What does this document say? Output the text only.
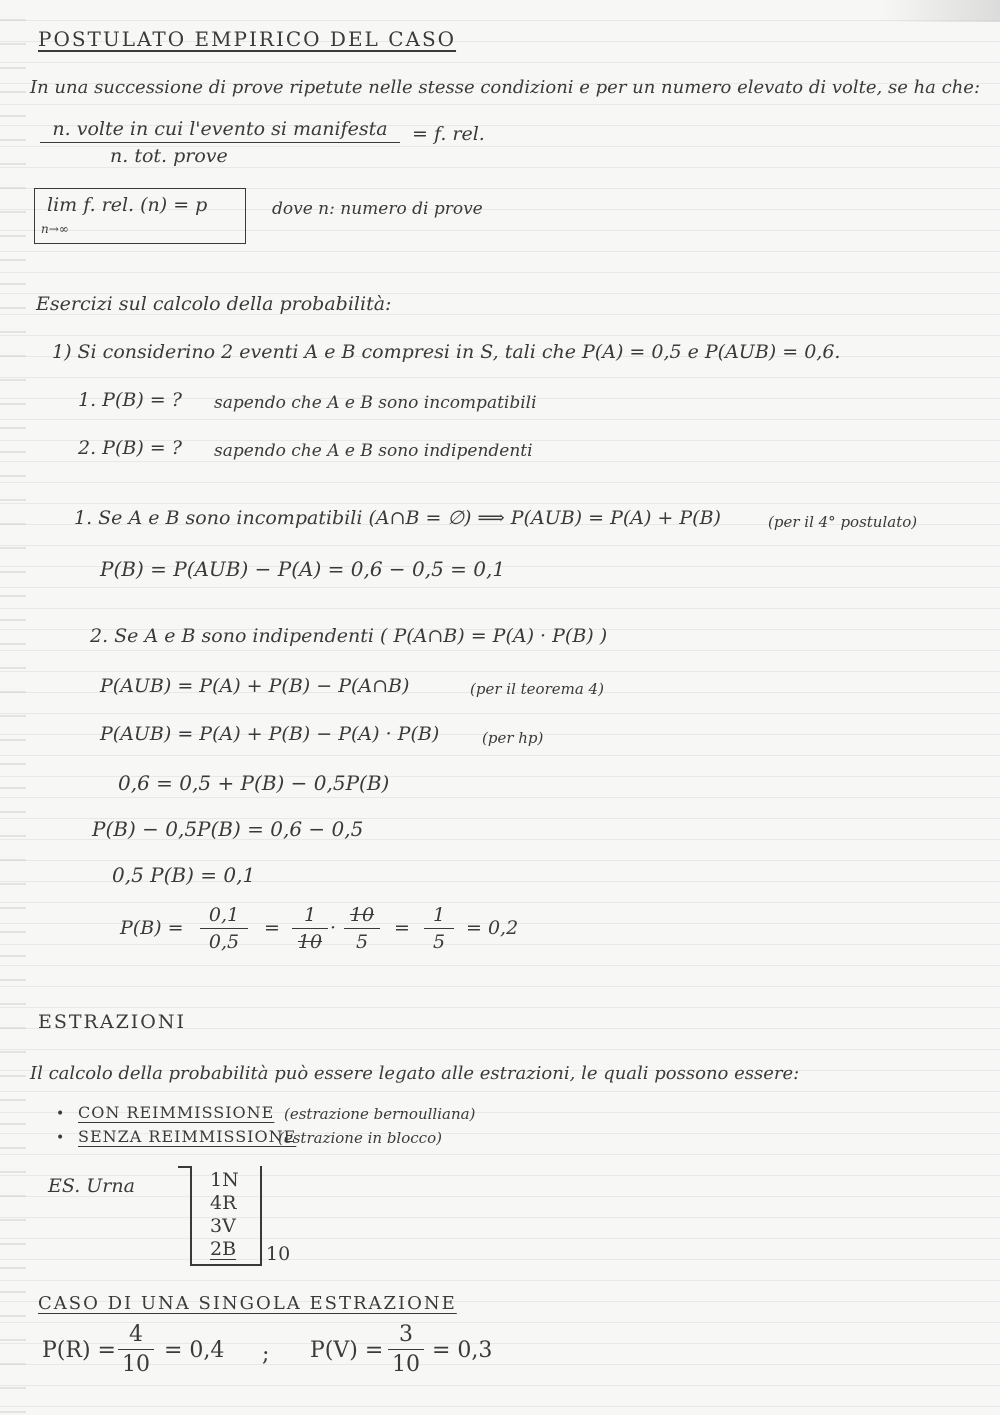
POSTULATO EMPIRICO DEL CASO
In una successione di prove ripetute nelle stesse condizioni e per un numero elevato di volte, se ha che:
n. volte in cui l'evento si manifesta
n. tot. prove
= f. rel.
lim f. rel. (n) = p
n→∞
dove n: numero di prove
Esercizi sul calcolo della probabilità:
1) Si considerino 2 eventi A e B compresi in S, tali che P(A) = 0,5 e P(AUB) = 0,6.
1. P(B) = ? sapendo che A e B sono incompatibili
2. P(B) = ? sapendo che A e B sono indipendenti
1. Se A e B sono incompatibili (A∩B = ∅) ⟹ P(AUB) = P(A) + P(B)	(per il 4° postulato)
P(B) = P(AUB) − P(A) = 0,6 − 0,5 = 0,1
2. Se A e B sono indipendenti ( P(A∩B) = P(A) · P(B) )
P(AUB) = P(A) + P(B) − P(A∩B)	(per il teorema 4)
P(AUB) = P(A) + P(B) − P(A) · P(B)	(per hp)
0,6 = 0,5 + P(B) − 0,5P(B)
P(B) − 0,5P(B) = 0,6 − 0,5
0,5 P(B) = 0,1
$P(B) = \frac{0,1}{0,5} = \frac{1}{10} \cdot \frac{10}{5} = \frac{1}{5} = 0,2$
ESTRAZIONI
Il calcolo della probabilità può essere legato alle estrazioni, le quali possono essere:
• CON REIMMISSIONE (estrazione bernoulliana)
• SENZA REIMMISSIONE
(estrazione in blocco)
ES. Urna	1N
4R
3V
2B 10
CASO DI UNA SINGOLA ESTRAZIONE
$P(R) = \frac{4}{10} = 0,4$ ; $P(V) = \frac{3}{10} = 0,3$
